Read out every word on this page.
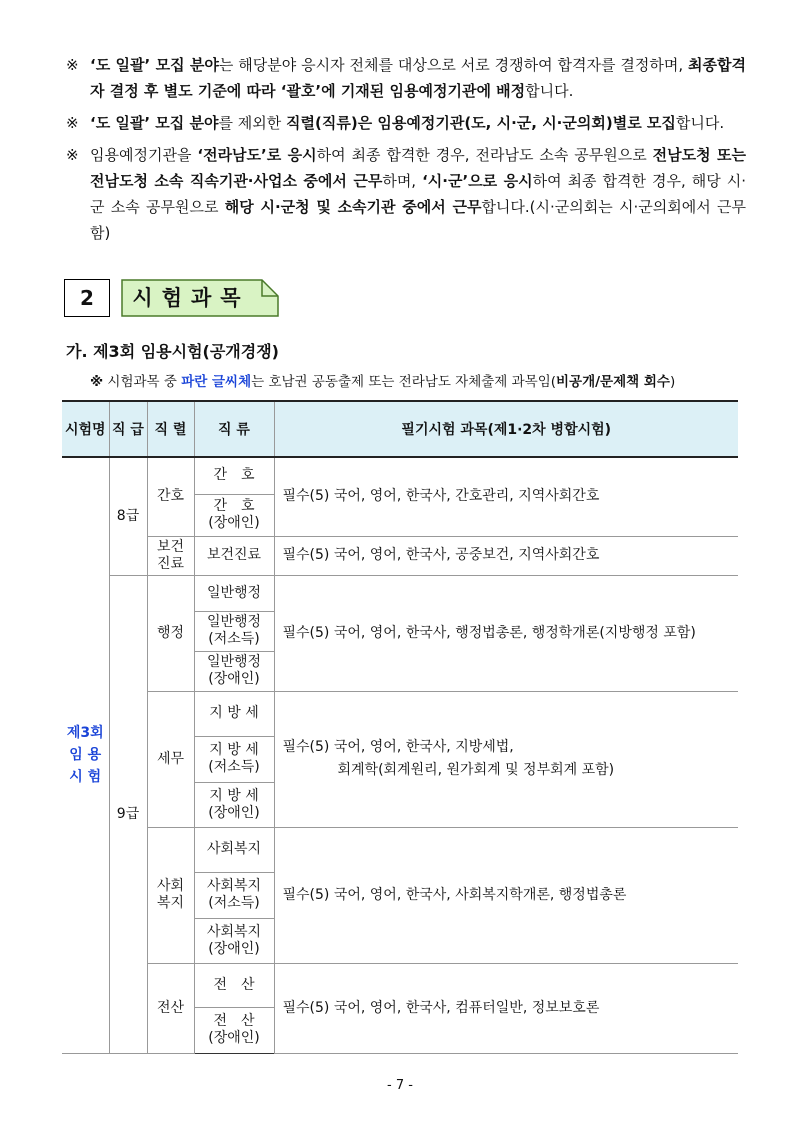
※ ‘도 일괄’ 모집 분야는 해당분야 응시자 전체를 대상으로 서로 경쟁하여 합격자를 결정하며, 최종합격자 결정 후 별도 기준에 따라 ‘괄호’에 기재된 임용예정기관에 배정합니다.
※ ‘도 일괄’ 모집 분야를 제외한 직렬(직류)은 임용예정기관(도, 시·군, 시·군의회)별로 모집합니다.
※ 임용예정기관을 ‘전라남도’로 응시하여 최종 합격한 경우, 전라남도 소속 공무원으로 전남도청 또는 전남도청 소속 직속기관·사업소 중에서 근무하며, ‘시·군’으로 응시하여 최종 합격한 경우, 해당 시·군 소속 공무원으로 해당 시·군청 및 소속기관 중에서 근무합니다.(시·군의회는 시·군의회에서 근무함)
2	시험과목
가. 제3회 임용시험(공개경쟁)
※ 시험과목 중 파란 글씨체는 호남권 공동출제 또는 전라남도 자체출제 과목임(비공개/문제책 회수)
시험명	직 급	직 렬	직 류	필기시험 과목(제1·2차 병합시험)
제3회
임 용
시 험	8급	간호	간　호	필수(5) 국어, 영어, 한국사, 간호관리, 지역사회간호
			간　호
(장애인)	
		보건
진료	보건진료	필수(5) 국어, 영어, 한국사, 공중보건, 지역사회간호
	9급	행정	일반행정	필수(5) 국어, 영어, 한국사, 행정법총론, 행정학개론(지방행정 포함)
			일반행정
(저소득)	
			일반행정
(장애인)	
		세무	지 방 세	필수(5) 국어, 영어, 한국사, 지방세법,
회계학(회계원리, 원가회계 및 정부회계 포함)

			지 방 세
(저소득)	
			지 방 세
(장애인)	
		사회
복지	사회복지	필수(5) 국어, 영어, 한국사, 사회복지학개론, 행정법총론
			사회복지
(저소득)	
			사회복지
(장애인)	
		전산	전　산	필수(5) 국어, 영어, 한국사, 컴퓨터일반, 정보보호론
			전　산
(장애인)	
- 7 -
